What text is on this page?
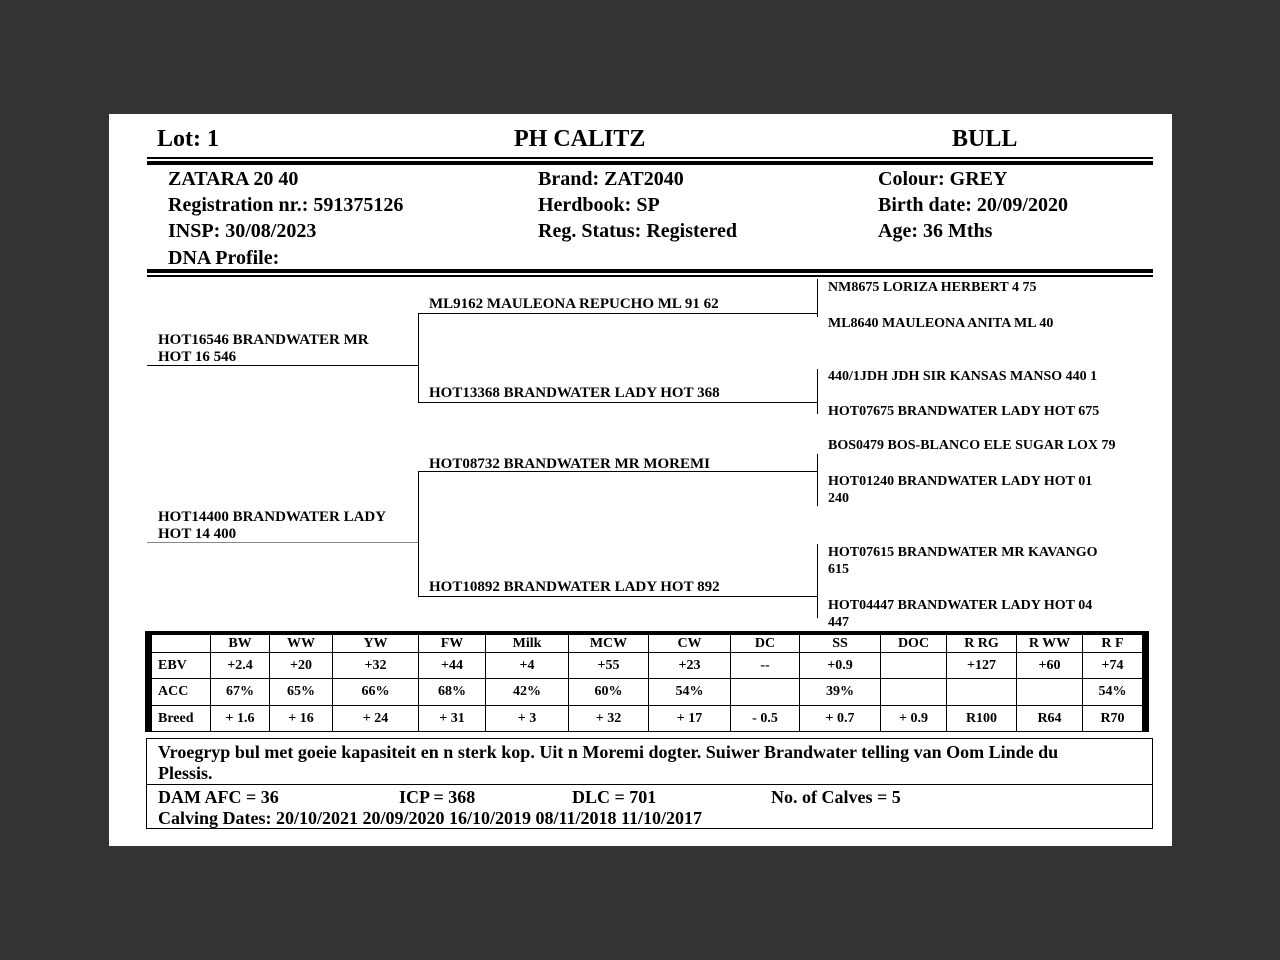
Lot: 1	PH CALITZ	BULL
ZATARA 20 40
Registration nr.: 591375126
INSP: 30/08/2023
DNA Profile:
Brand: ZAT2040
Herdbook: SP
Reg. Status: Registered
Colour: GREY
Birth date: 20/09/2020
Age: 36 Mths
HOT16546 BRANDWATER MR
HOT 16 546
HOT14400 BRANDWATER LADY
HOT 14 400
ML9162 MAULEONA REPUCHO ML 91 62
HOT13368 BRANDWATER LADY HOT 368
HOT08732 BRANDWATER MR MOREMI
HOT10892 BRANDWATER LADY HOT 892
NM8675 LORIZA HERBERT 4 75
ML8640 MAULEONA ANITA ML 40
440/1JDH JDH SIR KANSAS MANSO 440 1
HOT07675 BRANDWATER LADY HOT 675
BOS0479 BOS-BLANCO ELE SUGAR LOX 79
HOT01240 BRANDWATER LADY HOT 01
240
HOT07615 BRANDWATER MR KAVANGO
615
HOT04447 BRANDWATER LADY HOT 04
447
	BW	WW	YW	FW	Milk	MCW	CW	DC	SS	DOC	R RG	R WW	R F
EBV	+2.4	+20	+32	+44	+4	+55	+23	--	+0.9		+127	+60	+74
ACC	67%	65%	66%	68%	42%	60%	54%		39%				54%
Breed	+ 1.6	+ 16	+ 24	+ 31	+ 3	+ 32	+ 17	- 0.5	+ 0.7	+ 0.9	R100	R64	R70
Vroegryp bul met goeie kapasiteit en n sterk kop. Uit n Moremi dogter. Suiwer Brandwater telling van Oom Linde du
Plessis.
DAM AFC = 36	ICP = 368	DLC = 701	No. of Calves = 5
Calving Dates: 20/10/2021 20/09/2020 16/10/2019 08/11/2018 11/10/2017
